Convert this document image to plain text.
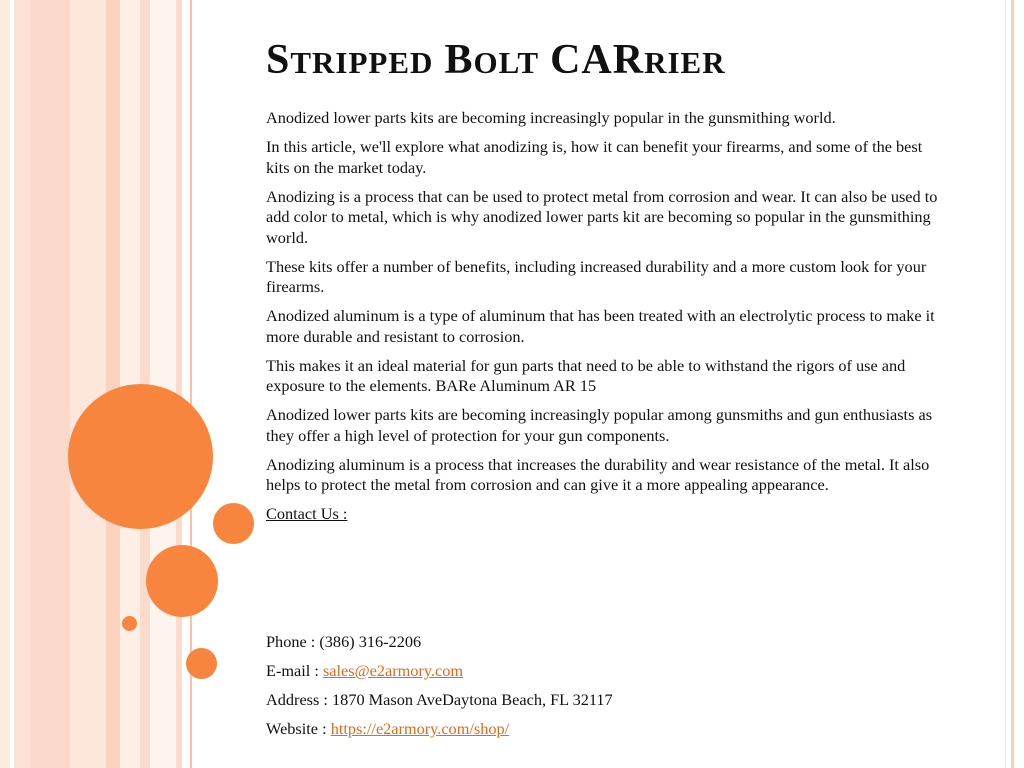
STRIPPED BOLT CARRIER

Anodized lower parts kits are becoming increasingly popular in the gunsmithing world.

In this article, we'll explore what anodizing is, how it can benefit your firearms, and some of the best kits on the market today.

Anodizing is a process that can be used to protect metal from corrosion and wear. It can also be used to add color to metal, which is why anodized lower parts kit are becoming so popular in the gunsmithing world.

These kits offer a number of benefits, including increased durability and a more custom look for your firearms.

Anodized aluminum is a type of aluminum that has been treated with an electrolytic process to make it more durable and resistant to corrosion.

This makes it an ideal material for gun parts that need to be able to withstand the rigors of use and exposure to the elements. BARe Aluminum AR 15

Anodized lower parts kits are becoming increasingly popular among gunsmiths and gun enthusiasts as they offer a high level of protection for your gun components.

Anodizing aluminum is a process that increases the durability and wear resistance of the metal. It also helps to protect the metal from corrosion and can give it a more appealing appearance.

Contact Us :

Phone : (386) 316-2206

E-mail : sales@e2armory.com

Address : 1870 Mason AveDaytona Beach, FL 32117

Website : https://e2armory.com/shop/
